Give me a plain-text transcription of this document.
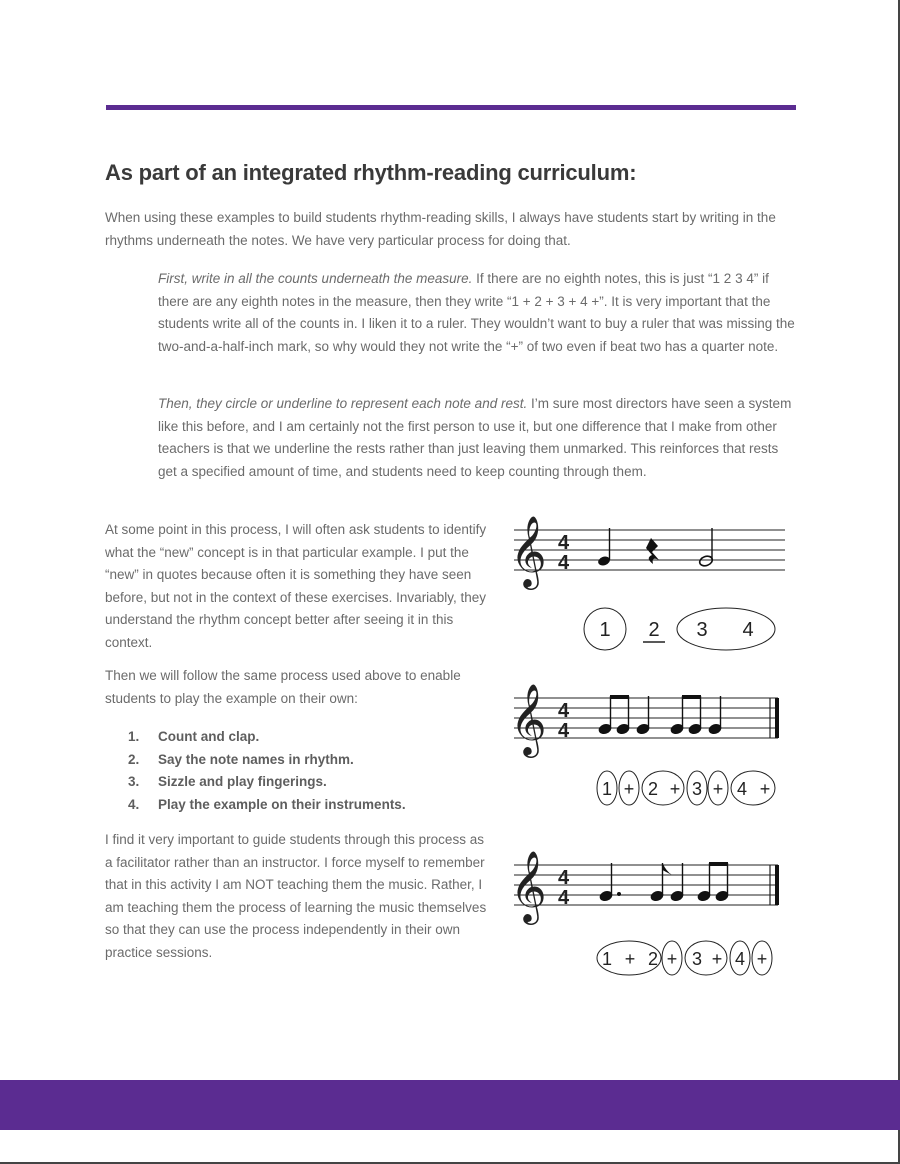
As part of an integrated rhythm-reading curriculum:

When using these examples to build students rhythm-reading skills, I always have students start by writing in the rhythms underneath the notes. We have very particular process for doing that.

First, write in all the counts underneath the measure. If there are no eighth notes, this is just “1 2 3 4” if there are any eighth notes in the measure, then they write “1 + 2 + 3 + 4 +”. It is very important that the students write all of the counts in. I liken it to a ruler. They wouldn’t want to buy a ruler that was missing the two-and-a-half-inch mark, so why would they not write the “+” of two even if beat two has a quarter note.

Then, they circle or underline to represent each note and rest. I’m sure most directors have seen a system like this before, and I am certainly not the first person to use it, but one difference that I make from other teachers is that we underline the rests rather than just leaving them unmarked. This reinforces that rests get a specified amount of time, and students need to keep counting through them.

At some point in this process, I will often ask students to identify what the “new” concept is in that particular example. I put the “new” in quotes because often it is something they have seen before, but not in the context of these exercises. Invariably, they understand the rhythm concept better after seeing it in this context.

Then we will follow the same process used above to enable students to play the example on their own:

1. Count and clap.
2. Say the note names in rhythm.
3. Sizzle and play fingerings.
4. Play the example on their instruments.

I find it very important to guide students through this process as a facilitator rather than an instructor. I force myself to remember that in this activity I am NOT teaching them the music. Rather, I am teaching them the process of learning the music themselves so that they can use the process independently in their own practice sessions.

𝄞 4
4
1 2 3 4
𝄞 4
4
1 + 2 + 3 + 4 +
𝄞 4
4
1 + 2 + 3 + 4 +
